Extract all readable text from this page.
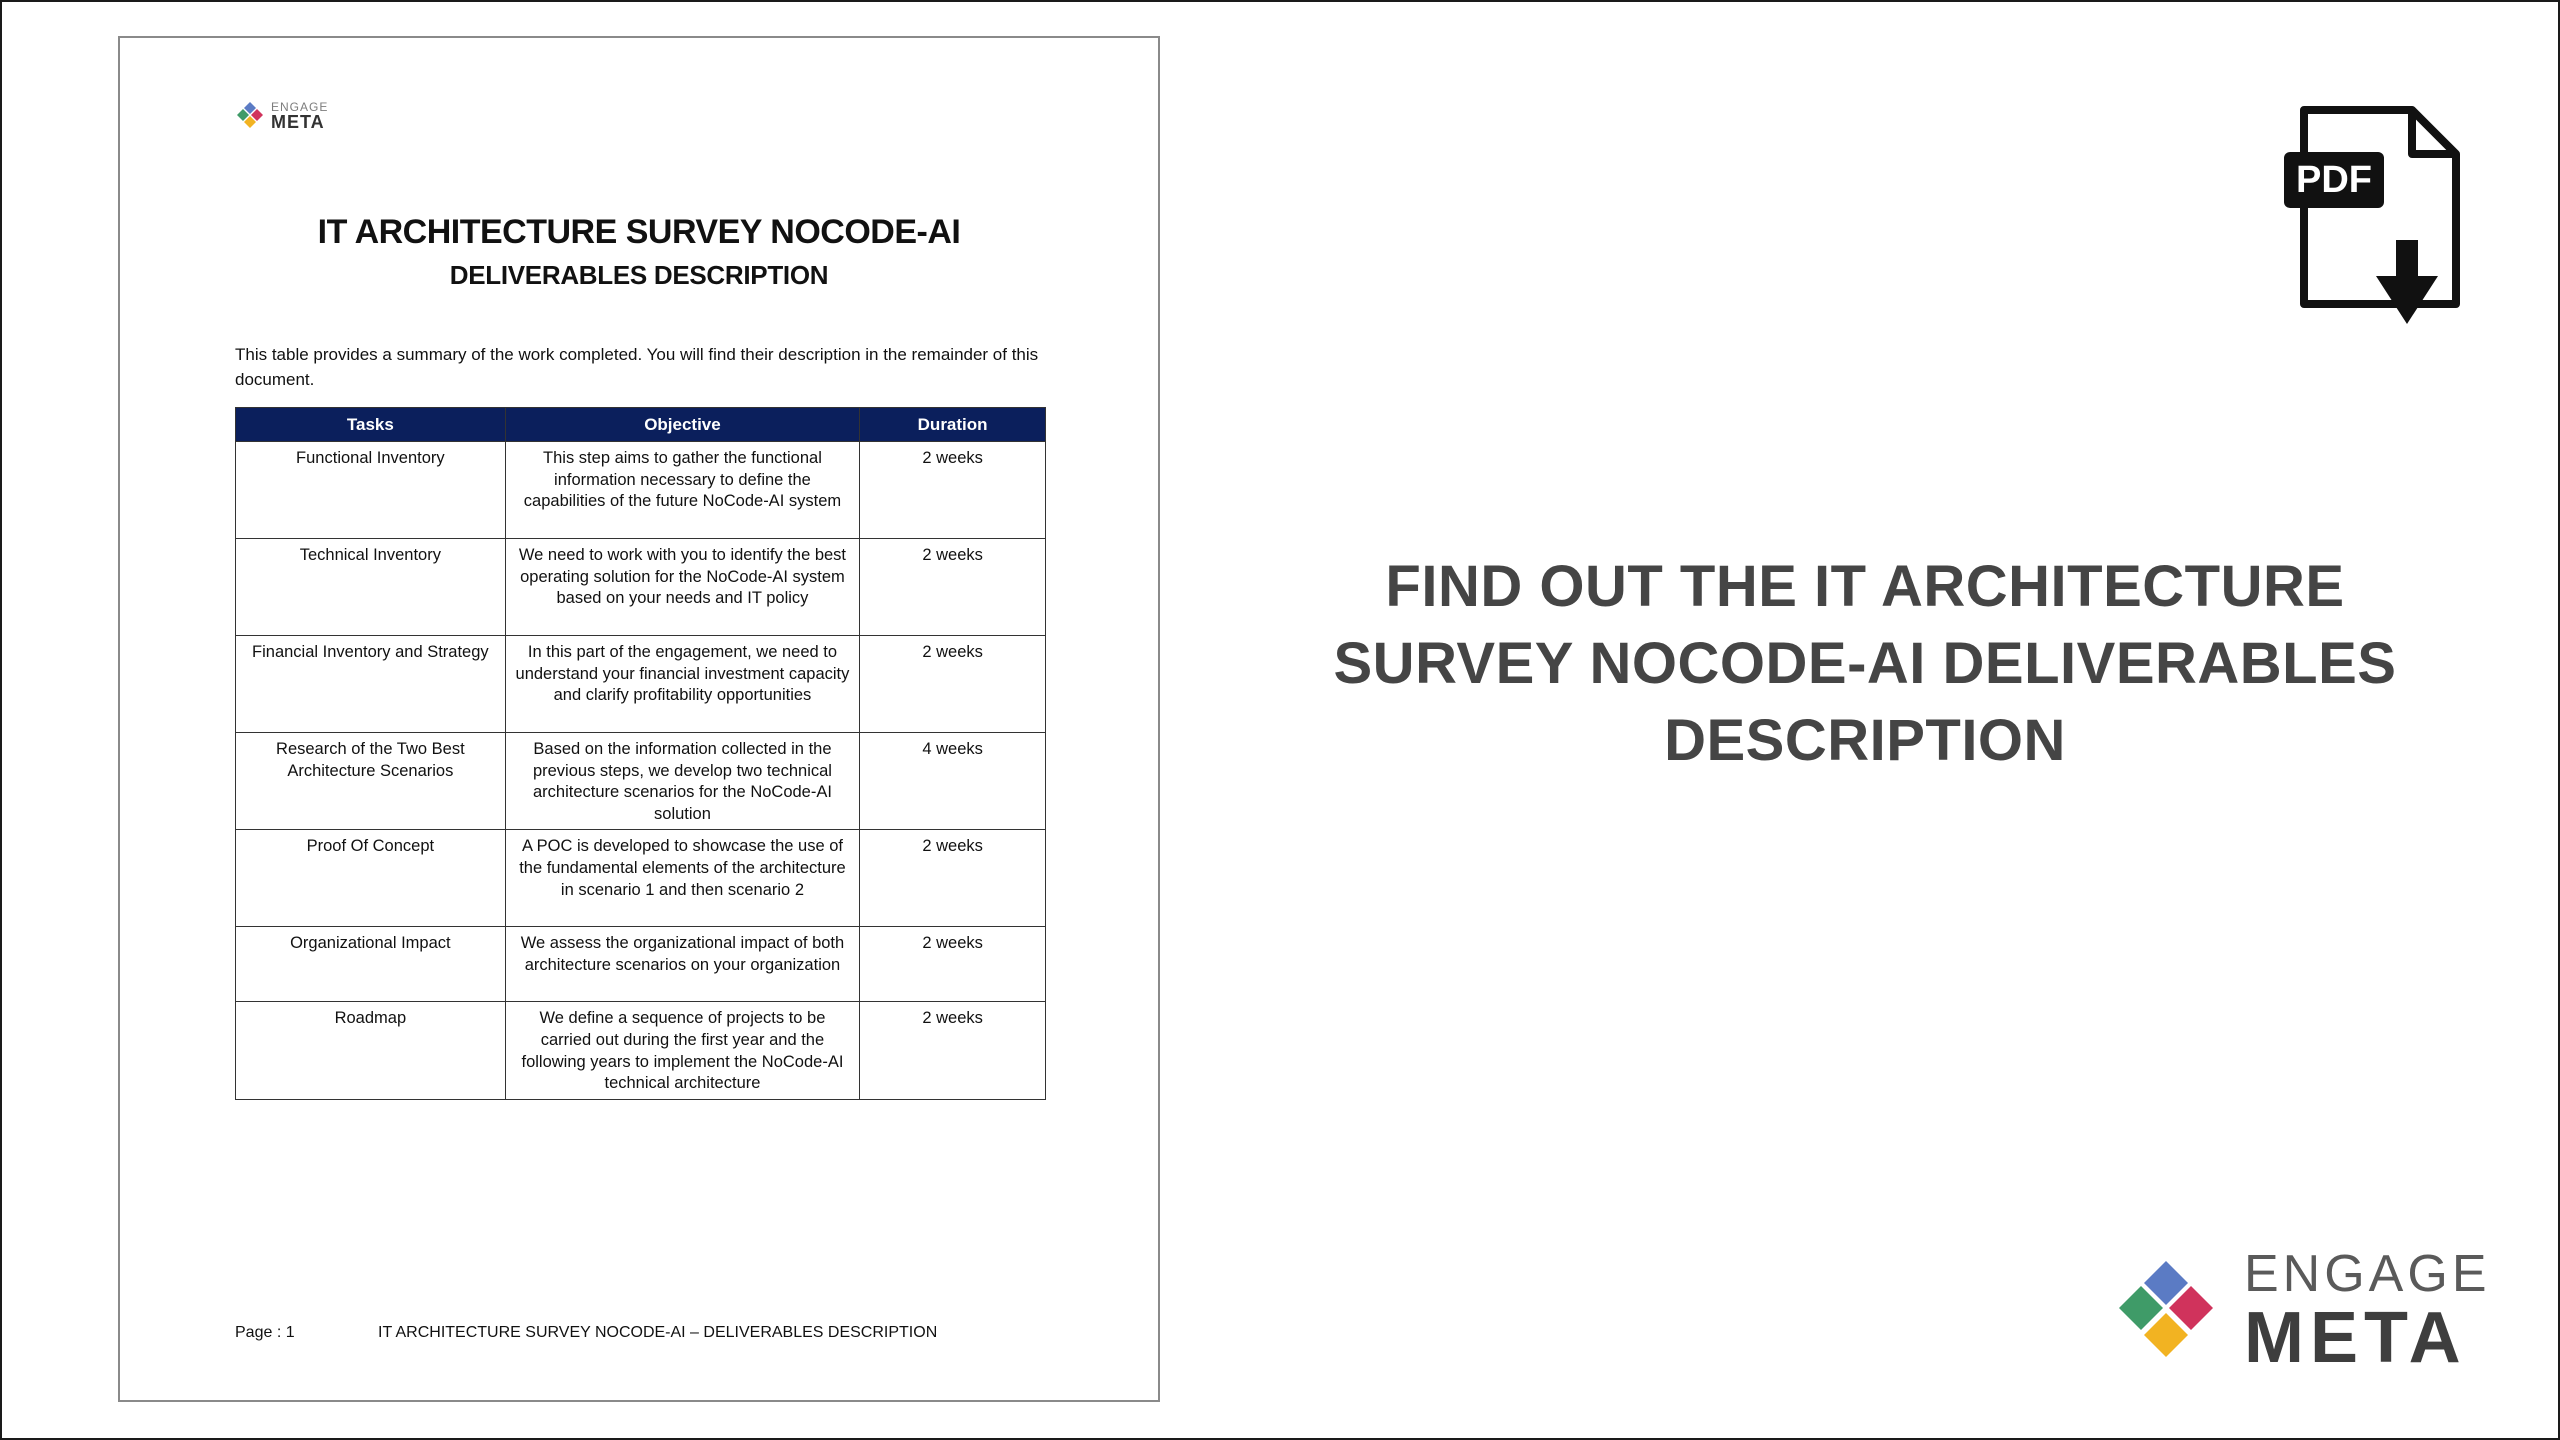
ENGAGE
META
IT ARCHITECTURE SURVEY NOCODE-AI
DELIVERABLES DESCRIPTION
This table provides a summary of the work completed. You will find their description in the remainder of this document.
Tasks	Objective	Duration
Functional Inventory	This step aims to gather the functional information necessary to define the capabilities of the future NoCode-AI system	2 weeks
Technical Inventory	We need to work with you to identify the best operating solution for the NoCode-AI system based on your needs and IT policy	2 weeks
Financial Inventory and Strategy	In this part of the engagement, we need to understand your financial investment capacity and clarify profitability opportunities	2 weeks
Research of the Two Best Architecture Scenarios	Based on the information collected in the previous steps, we develop two technical architecture scenarios for the NoCode-AI solution	4 weeks
Proof Of Concept	A POC is developed to showcase the use of the fundamental elements of the architecture in scenario 1 and then scenario 2	2 weeks
Organizational Impact	We assess the organizational impact of both architecture scenarios on your organization	2 weeks
Roadmap	We define a sequence of projects to be carried out during the first year and the following years to implement the NoCode-AI technical architecture	2 weeks
Page : 1	IT ARCHITECTURE SURVEY NOCODE-AI – DELIVERABLES DESCRIPTION
PDF
FIND OUT THE IT ARCHITECTURE SURVEY NOCODE-AI DELIVERABLES DESCRIPTION
ENGAGE
META
